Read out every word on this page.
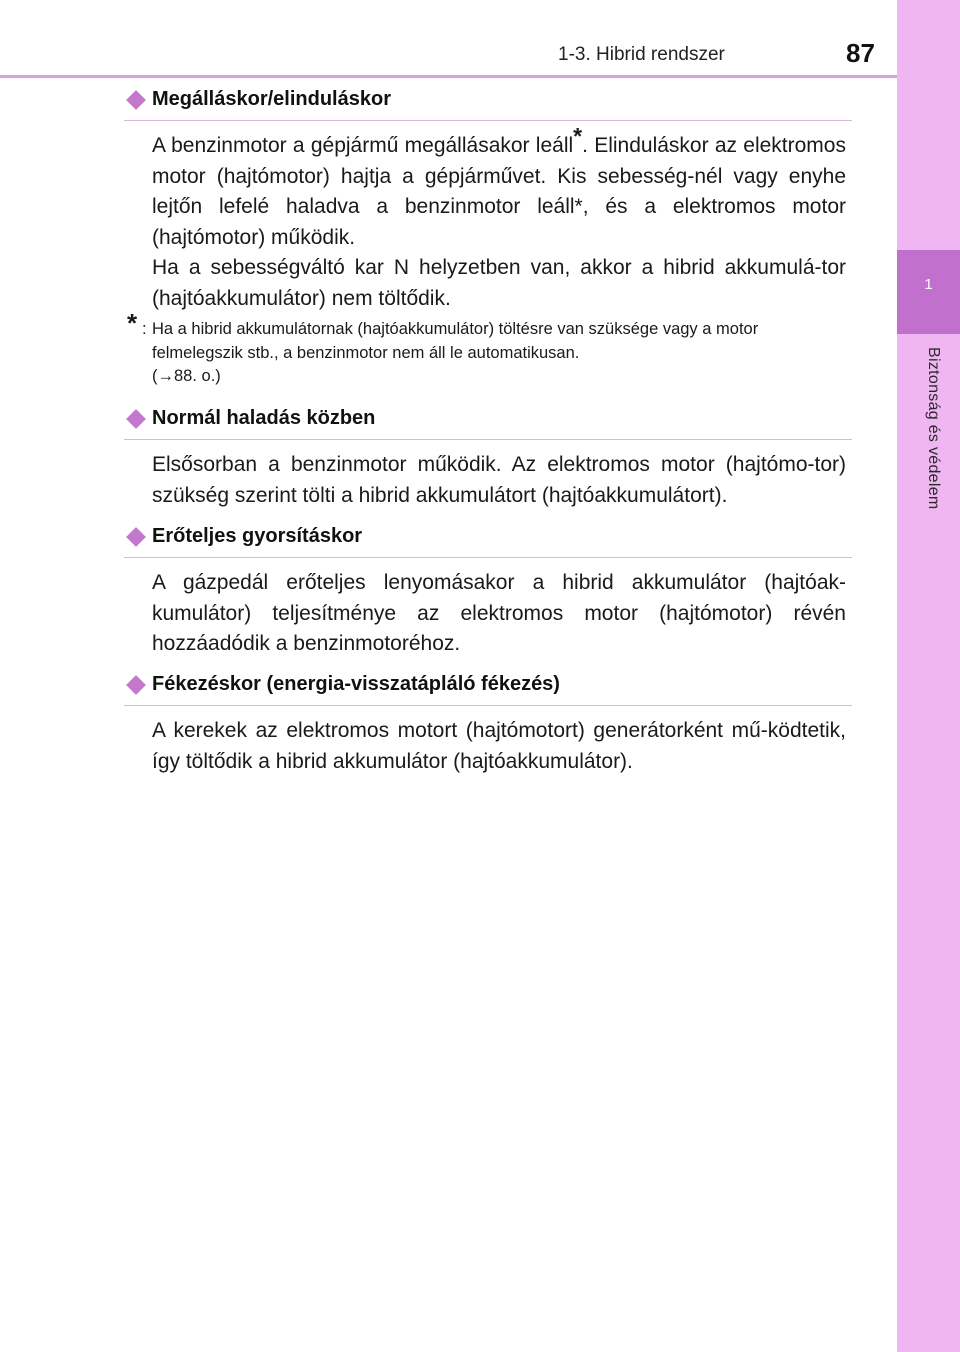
1-3. Hibrid rendszer	87
1
Biztonság és védelem
Megálláskor/elinduláskor
A benzinmotor a gépjármű megállásakor leáll*. Elinduláskor az elektromos motor (hajtómotor) hajtja a gépjárművet. Kis sebesség-nél vagy enyhe lejtőn lefelé haladva a benzinmotor leáll*, és a elektromos motor (hajtómotor) működik.
Ha a sebességváltó kar N helyzetben van, akkor a hibrid akkumulá-tor (hajtóakkumulátor) nem töltődik.
* : Ha a hibrid akkumulátornak (hajtóakkumulátor) töltésre van szüksége vagy a motor felmelegszik stb., a benzinmotor nem áll le automatikusan.
(→88. o.)
Normál haladás közben
Elsősorban a benzinmotor működik. Az elektromos motor (hajtómo-tor) szükség szerint tölti a hibrid akkumulátort (hajtóakkumulátort).
Erőteljes gyorsításkor
A gázpedál erőteljes lenyomásakor a hibrid akkumulátor (hajtóak-kumulátor) teljesítménye az elektromos motor (hajtómotor) révén hozzáadódik a benzinmotoréhoz.
Fékezéskor (energia-visszatápláló fékezés)
A kerekek az elektromos motort (hajtómotort) generátorként mű-ködtetik, így töltődik a hibrid akkumulátor (hajtóakkumulátor).
